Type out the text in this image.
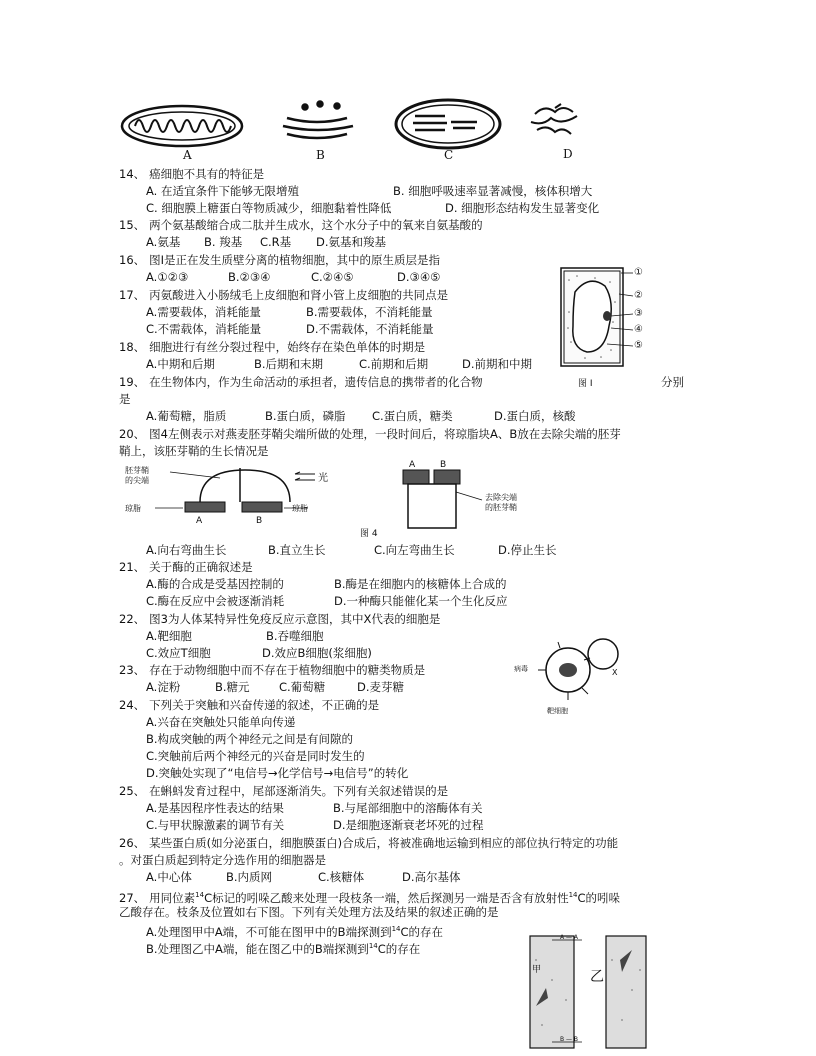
A	B	C	D
14、 癌细胞不具有的特征是
A. 在适宜条件下能够无限增殖	B. 细胞呼吸速率显著减慢，核体积增大
C. 细胞膜上糖蛋白等物质减少，细胞黏着性降低	D. 细胞形态结构发生显著变化
15、 两个氨基酸缩合成二肽并生成水，这个水分子中的氧来自氨基酸的
A.氨基 B. 羧基 C.R基 D.氨基和羧基
16、 图Ⅰ是正在发生质壁分离的植物细胞，其中的原生质层是指
A.①②③	B.②③④	C.②④⑤	D.③④⑤
17、 丙氨酸进入小肠绒毛上皮细胞和肾小管上皮细胞的共同点是
A.需要载体，消耗能量	B.需要载体，不消耗能量
C.不需载体，消耗能量	D.不需载体，不消耗能量
18、 细胞进行有丝分裂过程中，始终存在染色单体的时期是
A.中期和后期	B.后期和末期	C.前期和后期	D.前期和中期
19、 在生物体内，作为生命活动的承担者，遗传信息的携带者的化合物	分别
是
A.葡萄糖，脂质	B.蛋白质，磷脂 C.蛋白质，糖类	D.蛋白质，核酸
①
②
③
④
⑤
图 I
20、 图4左侧表示对燕麦胚芽鞘尖端所做的处理，一段时间后，将琼脂块A、B放在去除尖端的胚芽
鞘上，该胚芽鞘的生长情况是
胚芽鞘
的尖端	光
琼脂	琼脂
A	B
A	B
去除尖端
的胚芽鞘
图 4
A.向右弯曲生长	B.直立生长	C.向左弯曲生长	D.停止生长
21、 关于酶的正确叙述是
A.酶的合成是受基因控制的	B.酶是在细胞内的核糖体上合成的
C.酶在反应中会被逐渐消耗	D.一种酶只能催化某一个生化反应
22、 图3为人体某特异性免疫反应示意图，其中X代表的细胞是
A.靶细胞	B.吞噬细胞
C.效应T细胞	D.效应B细胞(浆细胞)
病毒	X
靶细胞
23、 存在于动物细胞中而不存在于植物细胞中的糖类物质是
A.淀粉	B.糖元	C.葡萄糖	D.麦芽糖
24、 下列关于突触和兴奋传递的叙述，不正确的是
A.兴奋在突触处只能单向传递
B.构成突触的两个神经元之间是有间隙的
C.突触前后两个神经元的兴奋是同时发生的
D.突触处实现了“电信号→化学信号→电信号”的转化
25、 在蝌蚪发育过程中，尾部逐渐消失。下列有关叙述错误的是
A.是基因程序性表达的结果	B.与尾部细胞中的溶酶体有关
C.与甲状腺激素的调节有关	D.是细胞逐渐衰老坏死的过程
26、 某些蛋白质(如分泌蛋白，细胞膜蛋白)合成后，将被准确地运输到相应的部位执行特定的功能
。对蛋白质起到特定分选作用的细胞器是
A.中心体	B.内质网	C.核糖体	D.高尔基体
27、 用同位素$^{14}$C标记的吲哚乙酸来处理一段枝条一端，然后探测另一端是否含有放射性$^{14}$C的吲哚
乙酸存在。枝条及位置如右下图。下列有关处理方法及结果的叙述正确的是
A.处理图甲中A端，不可能在图甲中的B端探测到$^{14}$C的存在
B.处理图乙中A端，能在图乙中的B端探测到$^{14}$C的存在
甲	乙
A — A
B — B
